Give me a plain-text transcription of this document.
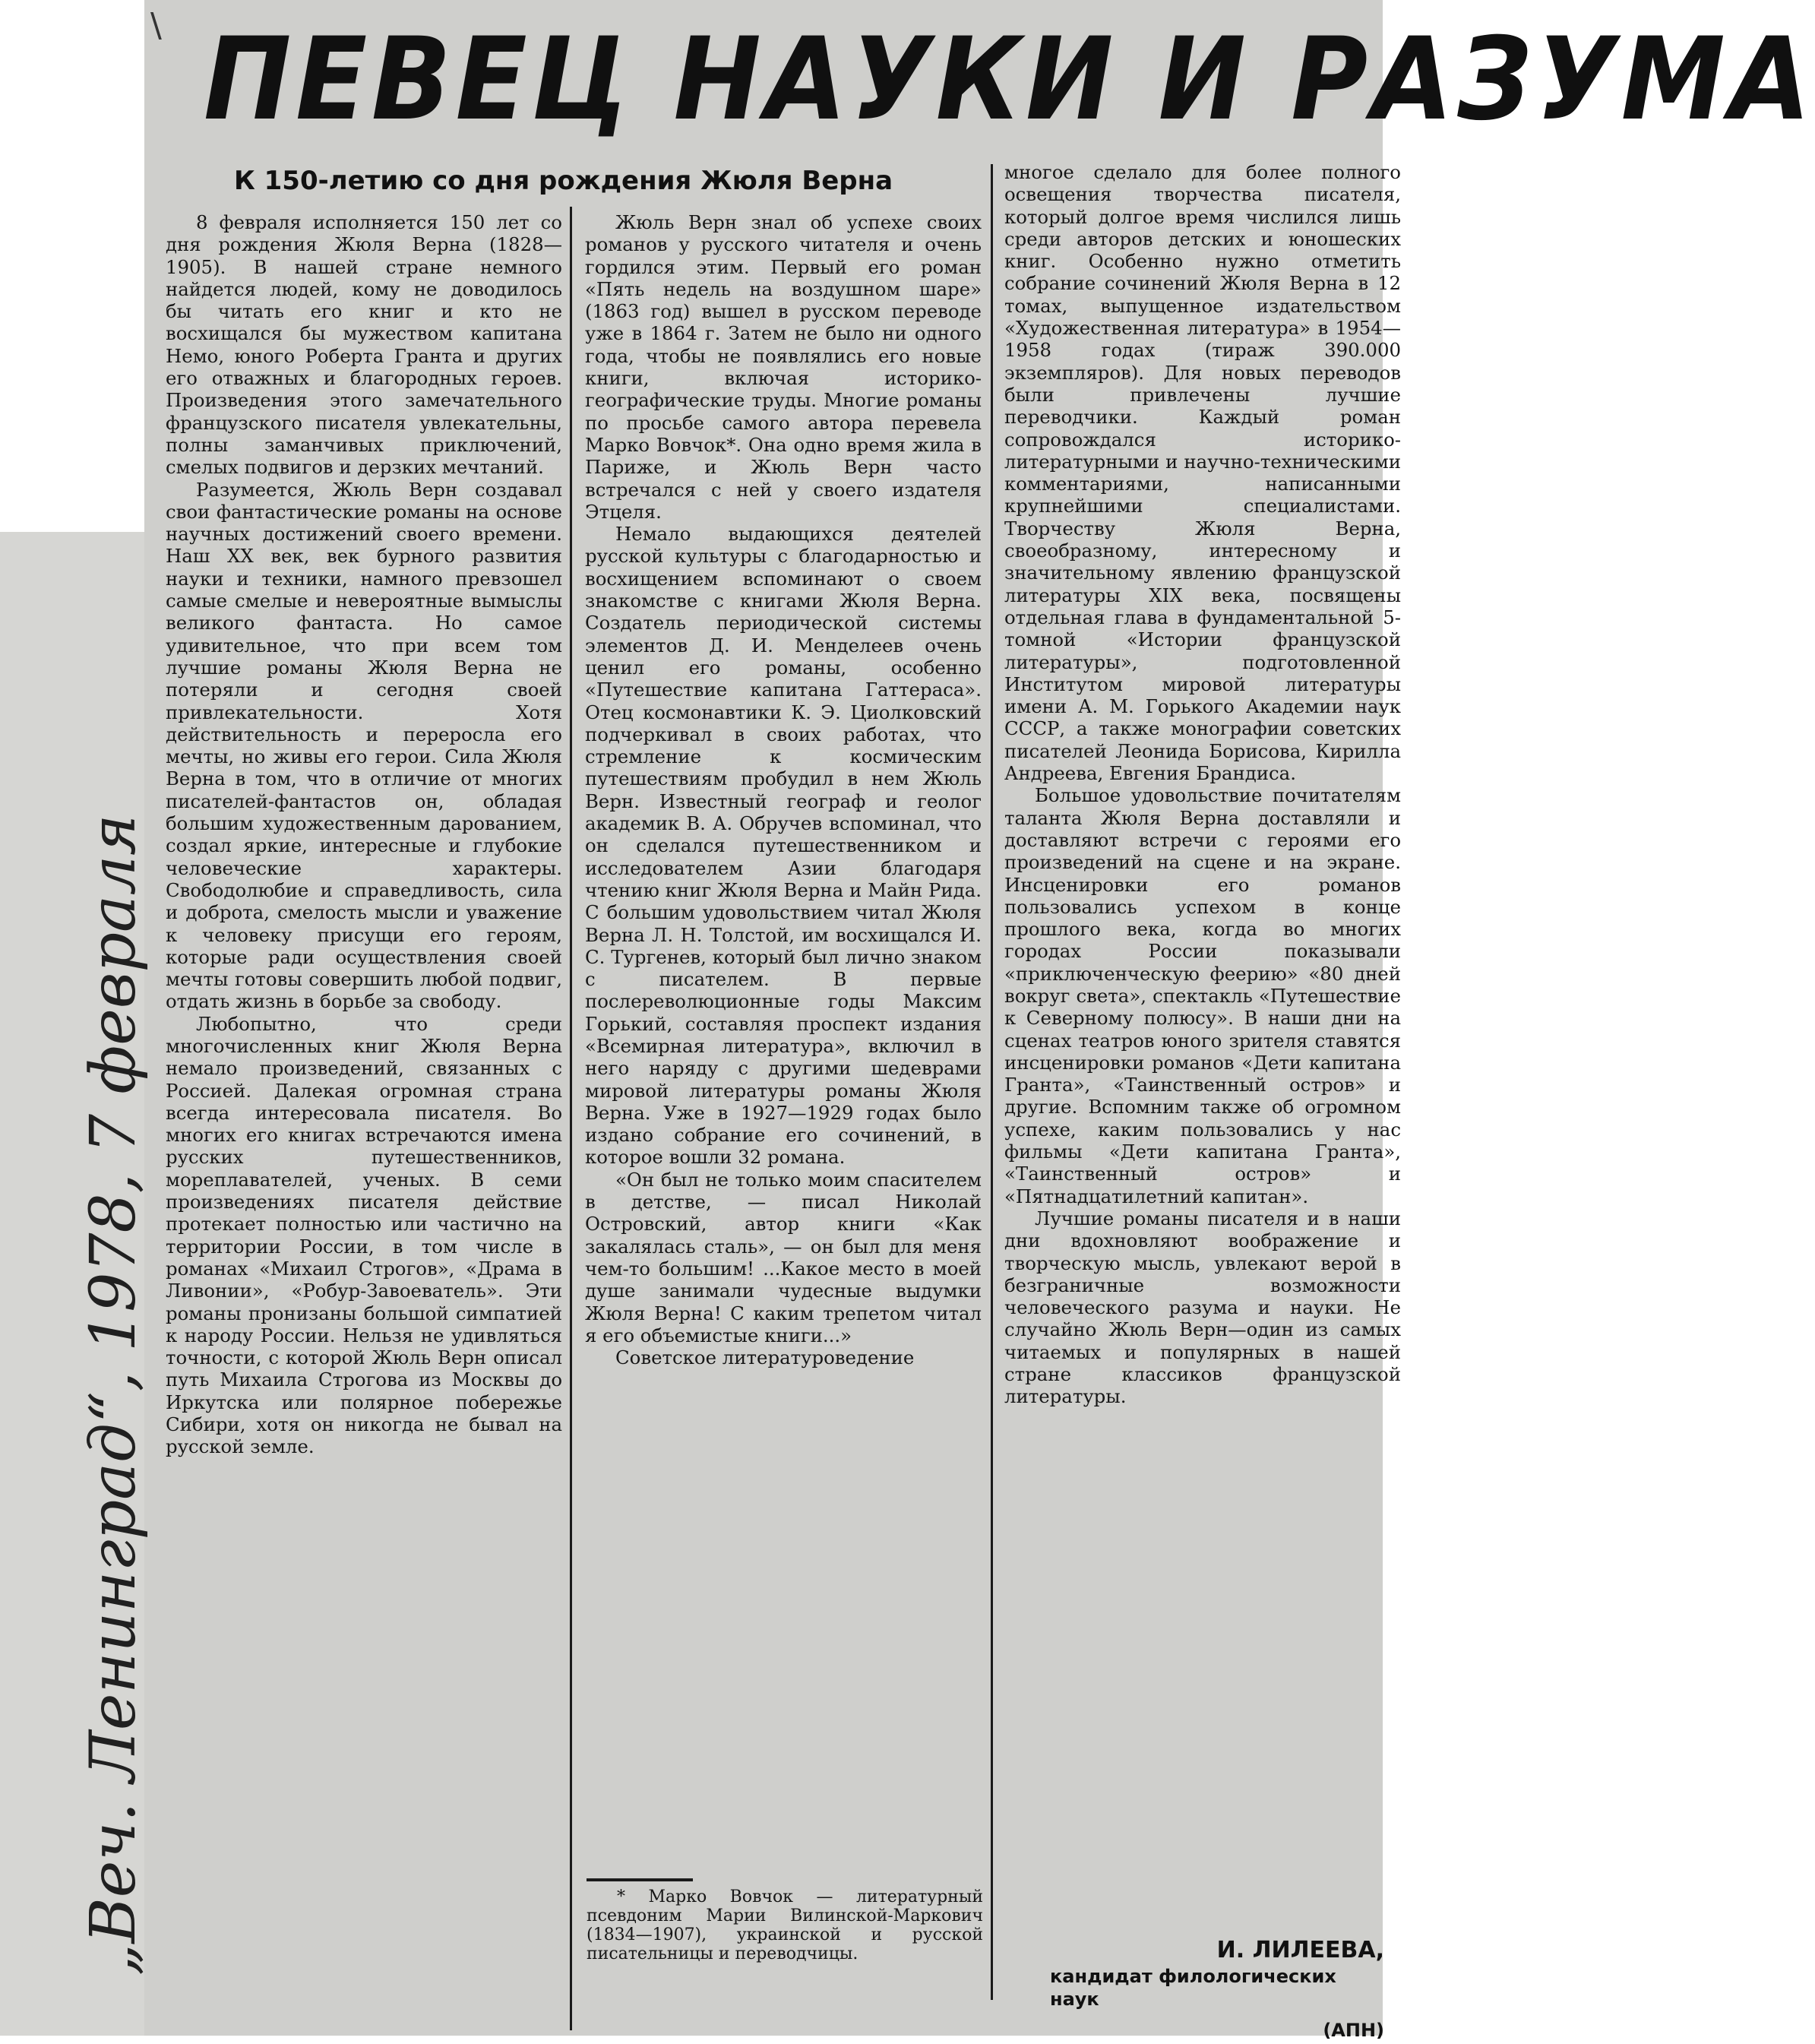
\ ПЕВЕЦ НАУКИ И РАЗУМА
К 150-летию со дня рождения Жюля Верна

8 февраля исполняется 150 лет со дня рождения Жюля Верна (1828—1905). В нашей стране немного найдется людей, кому не доводилось бы читать его книг и кто не восхищался бы мужеством капитана Немо, юного Роберта Гранта и других его отважных и благородных героев. Произведения этого замечательного французского писателя увлекательны, полны заманчивых приключений, смелых подвигов и дерзких мечтаний.

Разумеется, Жюль Верн создавал свои фантастические романы на основе научных достижений своего времени. Наш XX век, век бурного развития науки и техники, намного превзошел самые смелые и невероятные вымыслы великого фантаста. Но самое удивительное, что при всем том лучшие романы Жюля Верна не потеряли и сегодня своей привлекательности. Хотя действительность и переросла его мечты, но живы его герои. Сила Жюля Верна в том, что в отличие от многих писателей-фантастов он, обладая большим художественным дарованием, создал яркие, интересные и глубокие человеческие характеры. Свободолюбие и справедливость, сила и доброта, смелость мысли и уважение к человеку присущи его героям, которые ради осуществления своей мечты готовы совершить любой подвиг, отдать жизнь в борьбе за свободу.

Любопытно, что среди многочисленных книг Жюля Верна немало произведений, связанных с Россией. Далекая огромная страна всегда интересовала писателя. Во многих его книгах встречаются имена русских путешественников, мореплавателей, ученых. В семи произведениях писателя действие протекает полностью или частично на территории России, в том числе в романах «Михаил Строгов», «Драма в Ливонии», «Робур-Завоеватель». Эти романы пронизаны большой симпатией к народу России. Нельзя не удивляться точности, с которой Жюль Верн описал путь Михаила Строгова из Москвы до Иркутска или полярное побережье Сибири, хотя он никогда не бывал на русской земле.

Жюль Верн знал об успехе своих романов у русского читателя и очень гордился этим. Первый его роман «Пять недель на воздушном шаре» (1863 год) вышел в русском переводе уже в 1864 г. Затем не было ни одного года, чтобы не появлялись его новые книги, включая историко-географические труды. Многие романы по просьбе самого автора перевела Марко Вовчок*. Она одно время жила в Париже, и Жюль Верн часто встречался с ней у своего издателя Этцеля.

Немало выдающихся деятелей русской культуры с благодарностью и восхищением вспоминают о своем знакомстве с книгами Жюля Верна. Создатель периодической системы элементов Д. И. Менделеев очень ценил его романы, особенно «Путешествие капитана Гаттераса». Отец космонавтики К. Э. Циолковский подчеркивал в своих работах, что стремление к космическим путешествиям пробудил в нем Жюль Верн. Известный географ и геолог академик В. А. Обручев вспоминал, что он сделался путешественником и исследователем Азии благодаря чтению книг Жюля Верна и Майн Рида. С большим удовольствием читал Жюля Верна Л. Н. Толстой, им восхищался И. С. Тургенев, который был лично знаком с писателем. В первые послереволюционные годы Максим Горький, составляя проспект издания «Всемирная литература», включил в него наряду с другими шедеврами мировой литературы романы Жюля Верна. Уже в 1927—1929 годах было издано собрание его сочинений, в которое вошли 32 романа.

«Он был не только моим спасителем в детстве, — писал Николай Островский, автор книги «Как закалялась сталь», — он был для меня чем-то большим! ...Какое место в моей душе занимали чудесные выдумки Жюля Верна! С каким трепетом читал я его объемистые книги...»

Советское литературоведение

* Марко Вовчок — литературный псевдоним Марии Вилинской-Маркович (1834—1907), украинской и русской писательницы и переводчицы.

многое сделало для более полного освещения творчества писателя, который долгое время числился лишь среди авторов детских и юношеских книг. Особенно нужно отметить собрание сочинений Жюля Верна в 12 томах, выпущенное издательством «Художественная литература» в 1954—1958 годах (тираж 390.000 экземпляров). Для новых переводов были привлечены лучшие переводчики. Каждый роман сопровождался историко-литературными и научно-техническими комментариями, написанными крупнейшими специалистами. Творчеству Жюля Верна, своеобразному, интересному и значительному явлению французской литературы XIX века, посвящены отдельная глава в фундаментальной 5-томной «Истории французской литературы», подготовленной Институтом мировой литературы имени А. М. Горького Академии наук СССР, а также монографии советских писателей Леонида Борисова, Кирилла Андреева, Евгения Брандиса.

Большое удовольствие почитателям таланта Жюля Верна доставляли и доставляют встречи с героями его произведений на сцене и на экране. Инсценировки его романов пользовались успехом в конце прошлого века, когда во многих городах России показывали «приключенческую феерию» «80 дней вокруг света», спектакль «Путешествие к Северному полюсу». В наши дни на сценах театров юного зрителя ставятся инсценировки романов «Дети капитана Гранта», «Таинственный остров» и другие. Вспомним также об огромном успехе, каким пользовались у нас фильмы «Дети капитана Гранта», «Таинственный остров» и «Пятнадцатилетний капитан».

Лучшие романы писателя и в наши дни вдохновляют воображение и творческую мысль, увлекают верой в безграничные возможности человеческого разума и науки. Не случайно Жюль Верн—один из самых читаемых и популярных в нашей стране классиков французской литературы.

И. ЛИЛЕЕВА,
кандидат филологических наук
(АПН)
„Веч. Ленинград“, 1978, 7 февраля
